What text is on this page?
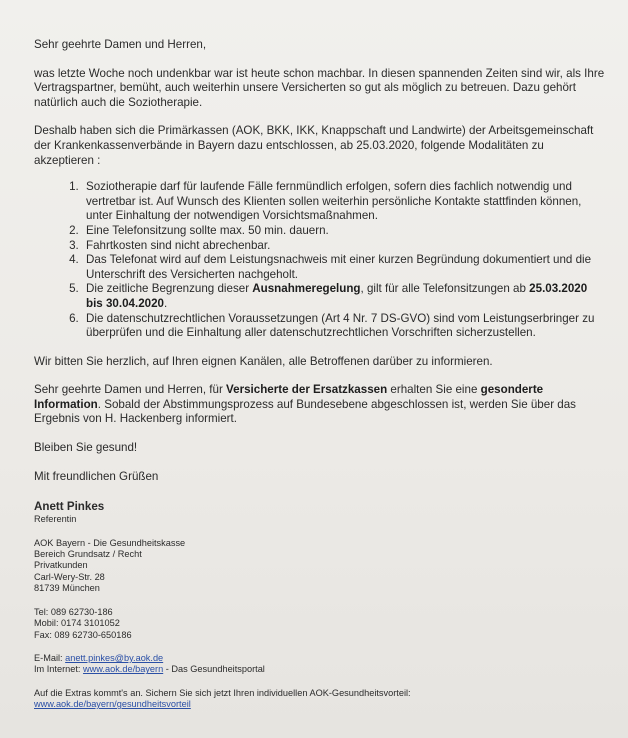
Sehr geehrte Damen und Herren,

was letzte Woche noch undenkbar war ist heute schon machbar. In diesen spannenden Zeiten sind wir, als Ihre Vertragspartner, bemüht, auch weiterhin unsere Versicherten so gut als möglich zu betreuen. Dazu gehört natürlich auch die Soziotherapie.

Deshalb haben sich die Primärkassen (AOK, BKK, IKK, Knappschaft und Landwirte) der Arbeitsgemeinschaft der Krankenkassenverbände in Bayern dazu entschlossen, ab 25.03.2020, folgende Modalitäten zu akzeptieren :

1. Soziotherapie darf für laufende Fälle fernmündlich erfolgen, sofern dies fachlich notwendig und vertretbar ist. Auf Wunsch des Klienten sollen weiterhin persönliche Kontakte stattfinden können, unter Einhaltung der notwendigen Vorsichtsmaßnahmen.
2. Eine Telefonsitzung sollte max. 50 min. dauern.
3. Fahrtkosten sind nicht abrechenbar.
4. Das Telefonat wird auf dem Leistungsnachweis mit einer kurzen Begründung dokumentiert und die Unterschrift des Versicherten nachgeholt.
5. Die zeitliche Begrenzung dieser Ausnahmeregelung, gilt für alle Telefonsitzungen ab 25.03.2020 bis 30.04.2020.
6. Die datenschutzrechtlichen Voraussetzungen (Art 4 Nr. 7 DS-GVO) sind vom Leistungserbringer zu überprüfen und die Einhaltung aller datenschutzrechtlichen Vorschriften sicherzustellen.

Wir bitten Sie herzlich, auf Ihren eignen Kanälen, alle Betroffenen darüber zu informieren.

Sehr geehrte Damen und Herren, für Versicherte der Ersatzkassen erhalten Sie eine gesonderte Information. Sobald der Abstimmungsprozess auf Bundesebene abgeschlossen ist, werden Sie über das Ergebnis von H. Hackenberg informiert.

Bleiben Sie gesund!

Mit freundlichen Grüßen

Anett Pinkes
Referentin
AOK Bayern - Die Gesundheitskasse
Bereich Grundsatz / Recht
Privatkunden
Carl-Wery-Str. 28
81739 München
Tel: 089 62730-186
Mobil: 0174 3101052
Fax: 089 62730-650186
E-Mail: anett.pinkes@by.aok.de
Im Internet: www.aok.de/bayern - Das Gesundheitsportal
Auf die Extras kommt's an. Sichern Sie sich jetzt Ihren individuellen AOK-Gesundheitsvorteil:
www.aok.de/bayern/gesundheitsvorteil
